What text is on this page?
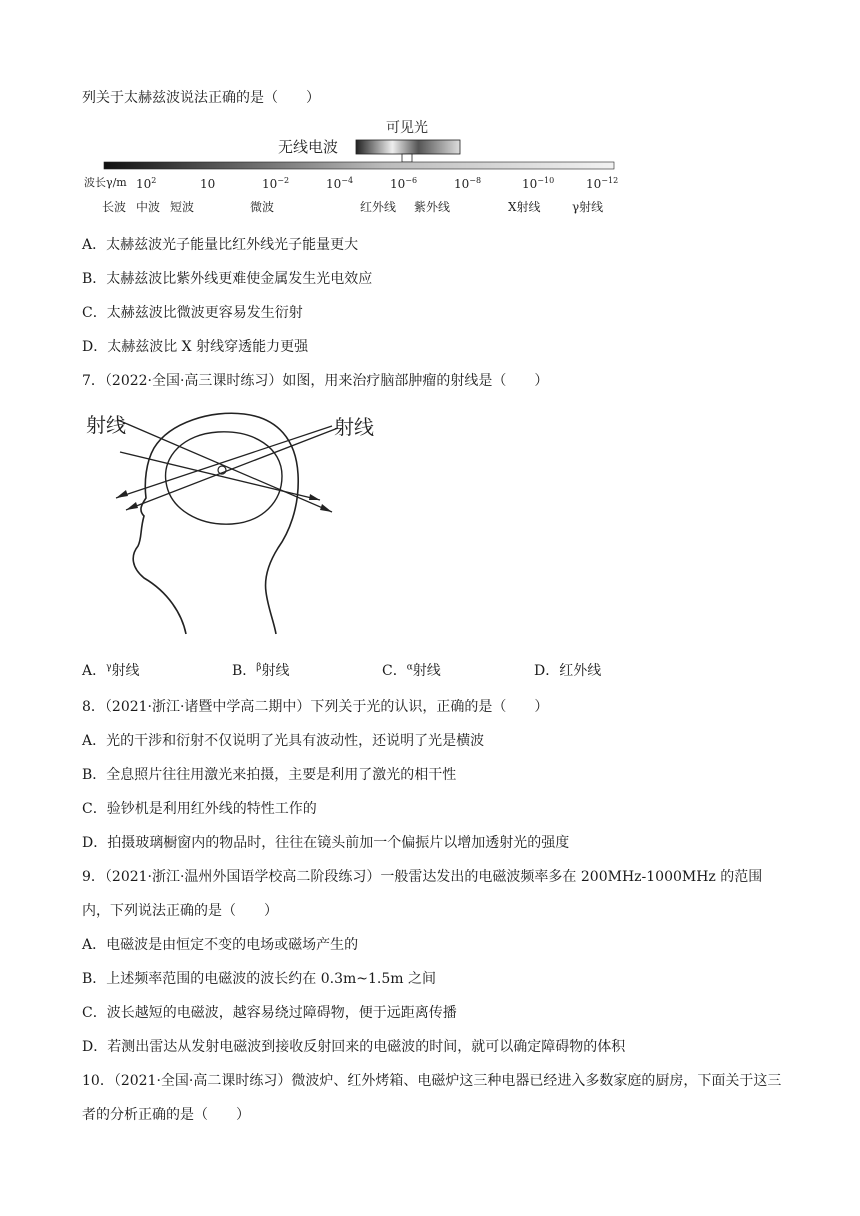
列关于太赫兹波说法正确的是（　　）
可见光
无线电波
波长γ/m $10^2$	10	$10^{-2}$	$10^{-4}$	$10^{-6}$	$10^{-8}$	$10^{-10}$	$10^{-12}$
长波 中波 短波	微波	红外线 紫外线	X射线	γ射线
A．太赫兹波光子能量比红外线光子能量更大
B．太赫兹波比紫外线更难使金属发生光电效应
C．太赫兹波比微波更容易发生衍射
D．太赫兹波比 X 射线穿透能力更强
7．（2022·全国·高三课时练习）如图，用来治疗脑部肿瘤的射线是（　　）
射线	射线
A．$^\gamma$射线	B．$^\beta$射线	C．$^\alpha$射线	D．红外线
8．（2021·浙江·诸暨中学高二期中）下列关于光的认识，正确的是（　　）
A．光的干涉和衍射不仅说明了光具有波动性，还说明了光是横波
B．全息照片往往用激光来拍摄，主要是利用了激光的相干性
C．验钞机是利用红外线的特性工作的
D．拍摄玻璃橱窗内的物品时，往往在镜头前加一个偏振片以增加透射光的强度
9．（2021·浙江·温州外国语学校高二阶段练习）一般雷达发出的电磁波频率多在 200MHz-1000MHz 的范围内，下列说法正确的是（　　）
A．电磁波是由恒定不变的电场或磁场产生的
B．上述频率范围的电磁波的波长约在 0.3m~1.5m 之间
C．波长越短的电磁波，越容易绕过障碍物，便于远距离传播
D．若测出雷达从发射电磁波到接收反射回来的电磁波的时间，就可以确定障碍物的体积
10．（2021·全国·高二课时练习）微波炉、红外烤箱、电磁炉这三种电器已经进入多数家庭的厨房，下面关于这三者的分析正确的是（　　）
